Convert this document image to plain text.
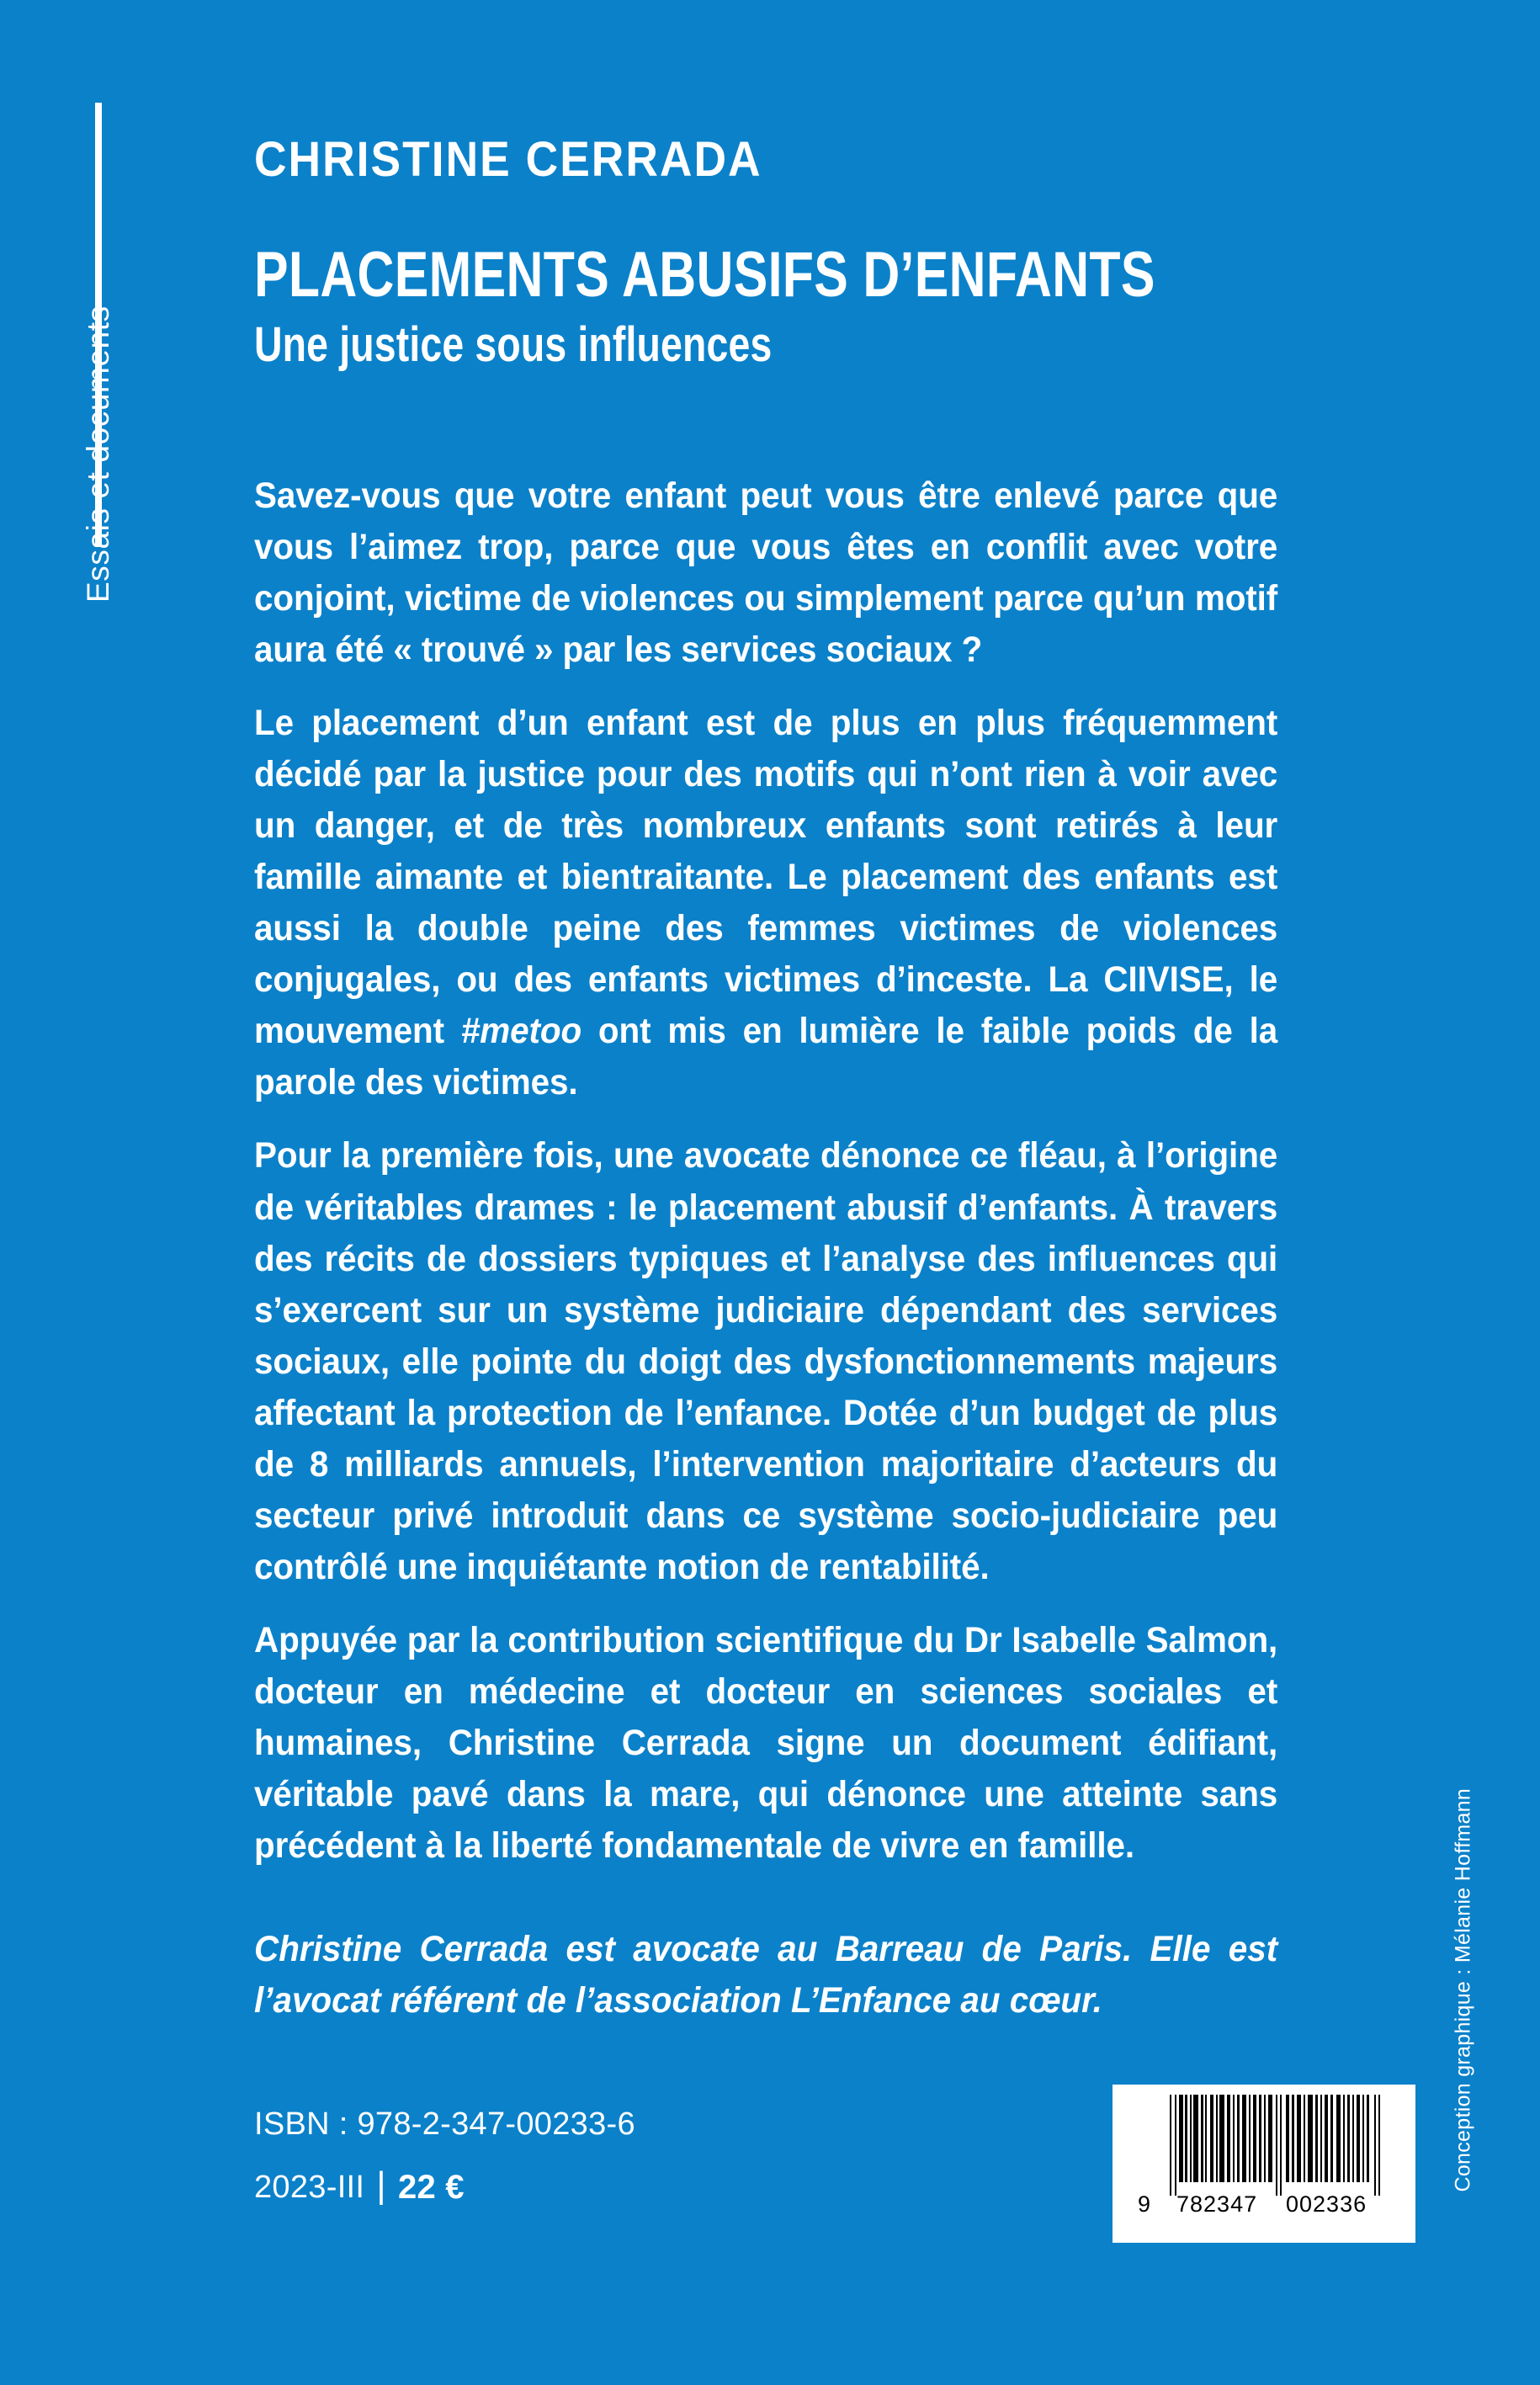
Essais et documents
Conception graphique : Mélanie Hoffmann
CHRISTINE CERRADA
PLACEMENTS ABUSIFS D’ENFANTS
Une justice sous influences

Savez-vous que votre enfant peut vous être enlevé parce que vous l’aimez trop, parce que vous êtes en conflit avec votre conjoint, victime de violences ou simplement parce qu’un motif aura été « trouvé » par les services sociaux ?

Le placement d’un enfant est de plus en plus fréquemment décidé par la justice pour des motifs qui n’ont rien à voir avec un danger, et de très nombreux enfants sont retirés à leur famille aimante et bientraitante. Le placement des enfants est aussi la double peine des femmes victimes de violences conjugales, ou des enfants victimes d’inceste. La CIIVISE, le mouvement #metoo ont mis en lumière le faible poids de la parole des victimes.

Pour la première fois, une avocate dénonce ce fléau, à l’origine de véritables drames : le placement abusif d’enfants. À travers des récits de dossiers typiques et l’analyse des influences qui s’exercent sur un système judiciaire dépendant des services sociaux, elle pointe du doigt des dysfonctionnements majeurs affectant la protection de l’enfance. Dotée d’un budget de plus de 8 milliards annuels, l’intervention majoritaire d’acteurs du secteur privé introduit dans ce système socio-judiciaire peu contrôlé une inquiétante notion de rentabilité.

Appuyée par la contribution scientifique du Dr Isabelle Salmon, docteur en médecine et docteur en sciences sociales et humaines, Christine Cerrada signe un document édifiant, véritable pavé dans la mare, qui dénonce une atteinte sans précédent à la liberté fondamentale de vivre en famille.

Christine Cerrada est avocate au Barreau de Paris. Elle est l’avocat référent de l’association L’Enfance au cœur.

ISBN : 978-2-347-00233-6
2023-III | 22 €	9 782347 002336
